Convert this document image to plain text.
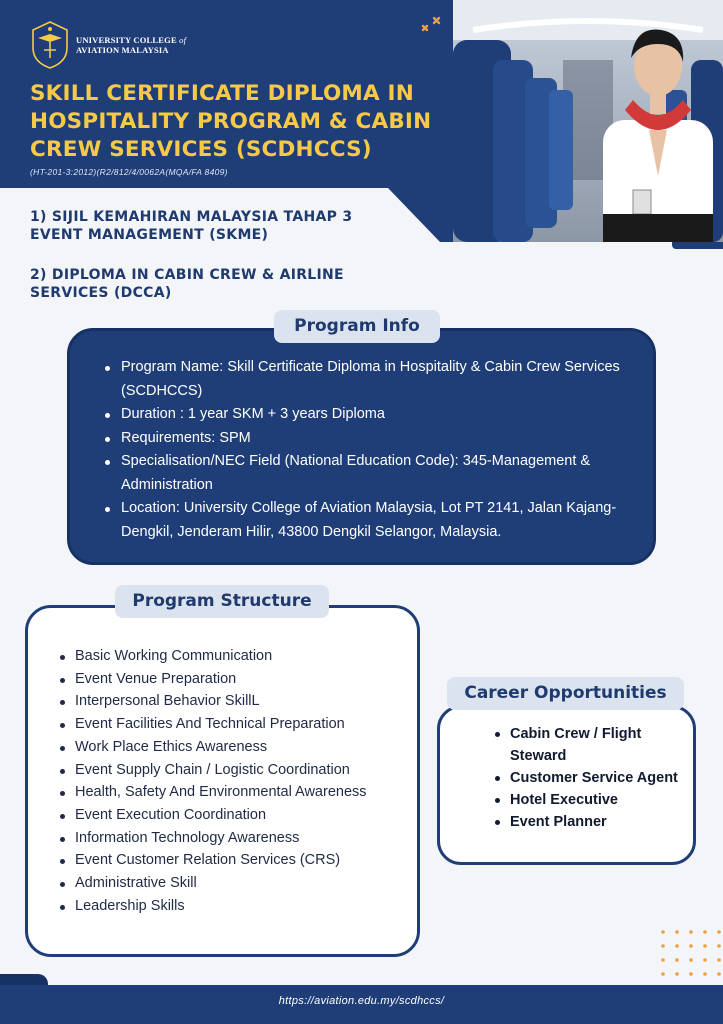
UNIVERSITY COLLEGE of
AVIATION MALAYSIA
SKILL CERTIFICATE DIPLOMA IN HOSPITALITY PROGRAM & CABIN CREW SERVICES (SCDHCCS)
(HT-201-3:2012)(R2/812/4/0062A(MQA/FA 8409)
1) SIJIL KEMAHIRAN MALAYSIA TAHAP 3 EVENT MANAGEMENT (SKME)
2) DIPLOMA IN CABIN CREW & AIRLINE SERVICES (DCCA)
Program Info
Program Name: Skill Certificate Diploma in Hospitality & Cabin Crew Services (SCDHCCS)
Duration : 1 year SKM + 3 years Diploma
Requirements: SPM
Specialisation/NEC Field (National Education Code): 345-Management & Administration
Location: University College of Aviation Malaysia, Lot PT 2141, Jalan Kajang-Dengkil, Jenderam Hilir, 43800 Dengkil Selangor, Malaysia.
Program Structure
Basic Working Communication
Event Venue Preparation
Interpersonal Behavior SkillL
Event Facilities And Technical Preparation
Work Place Ethics Awareness
Event Supply Chain / Logistic Coordination
Health, Safety And Environmental Awareness
Event Execution Coordination
Information Technology Awareness
Event Customer Relation Services (CRS)
Administrative Skill
Leadership Skills
Career Opportunities
Cabin Crew / Flight Steward
Customer Service Agent
Hotel Executive
Event Planner
https://aviation.edu.my/scdhccs/
